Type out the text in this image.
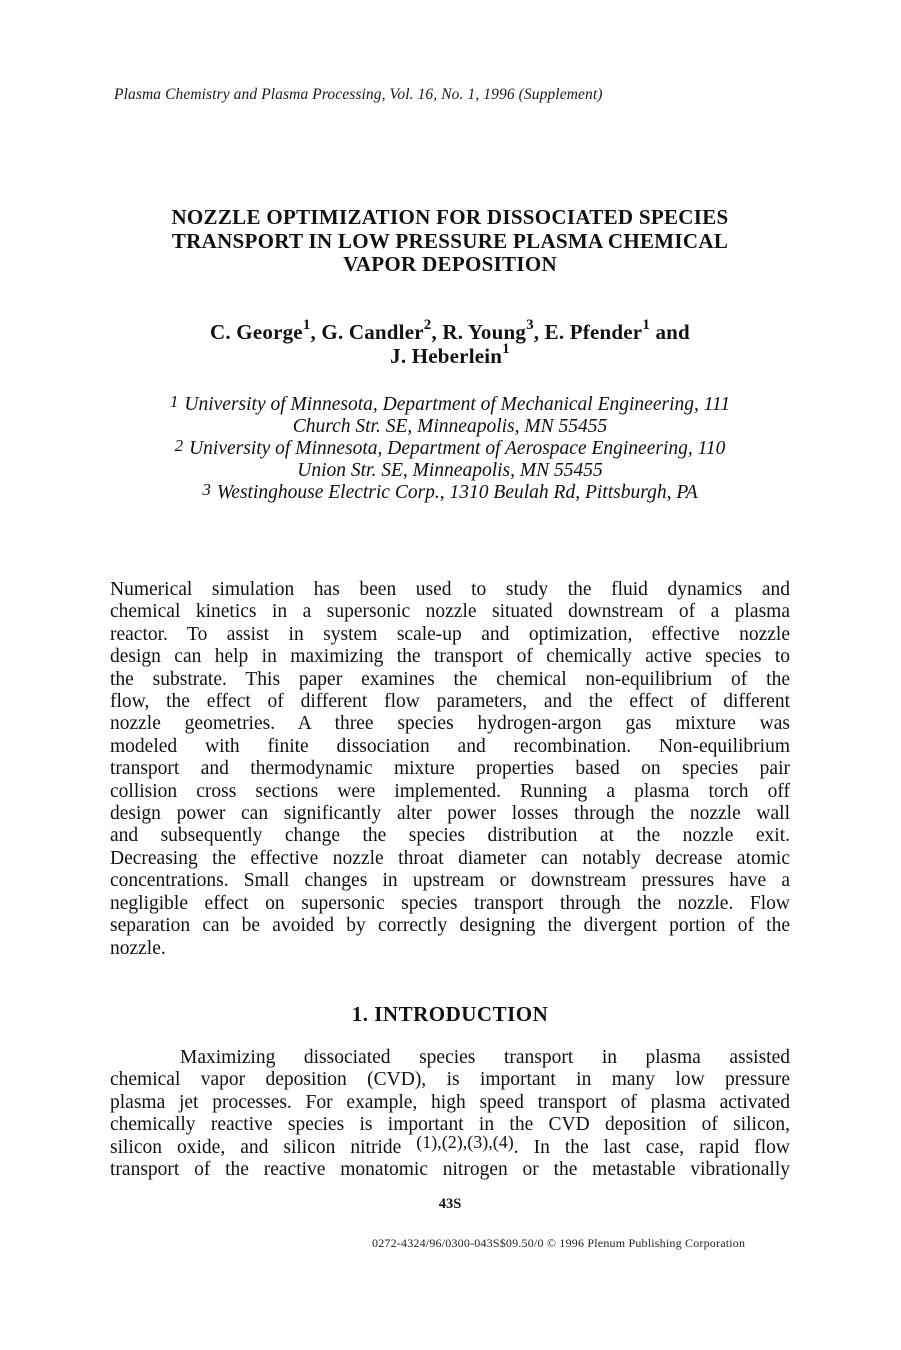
Plasma Chemistry and Plasma Processing, Vol. 16, No. 1, 1996 (Supplement)
NOZZLE OPTIMIZATION FOR DISSOCIATED SPECIES
TRANSPORT IN LOW PRESSURE PLASMA CHEMICAL
VAPOR DEPOSITION
C. George$^1$, G. Candler$^2$, R. Young$^3$, E. Pfender$^1$ and
J. Heberlein$^1$
1 University of Minnesota, Department of Mechanical Engineering, 111
Church Str. SE, Minneapolis, MN 55455
2 University of Minnesota, Department of Aerospace Engineering, 110
Union Str. SE, Minneapolis, MN 55455
3 Westinghouse Electric Corp., 1310 Beulah Rd, Pittsburgh, PA
Numerical simulation has been used to study the fluid dynamics and
chemical kinetics in a supersonic nozzle situated downstream of a plasma
reactor. To assist in system scale-up and optimization, effective nozzle
design can help in maximizing the transport of chemically active species to
the substrate. This paper examines the chemical non-equilibrium of the
flow, the effect of different flow parameters, and the effect of different
nozzle geometries. A three species hydrogen-argon gas mixture was
modeled with finite dissociation and recombination. Non-equilibrium
transport and thermodynamic mixture properties based on species pair
collision cross sections were implemented. Running a plasma torch off
design power can significantly alter power losses through the nozzle wall
and subsequently change the species distribution at the nozzle exit.
Decreasing the effective nozzle throat diameter can notably decrease atomic
concentrations. Small changes in upstream or downstream pressures have a
negligible effect on supersonic species transport through the nozzle. Flow
separation can be avoided by correctly designing the divergent portion of the
nozzle.
1. INTRODUCTION
Maximizing dissociated species transport in plasma assisted
chemical vapor deposition (CVD), is important in many low pressure
plasma jet processes. For example, high speed transport of plasma activated
chemically reactive species is important in the CVD deposition of silicon,
silicon oxide, and silicon nitride $^{(1),(2),(3),(4)}$. In the last case, rapid flow
transport of the reactive monatomic nitrogen or the metastable vibrationally
43S
0272-4324/96/0300-043S$09.50/0 © 1996 Plenum Publishing Corporation
